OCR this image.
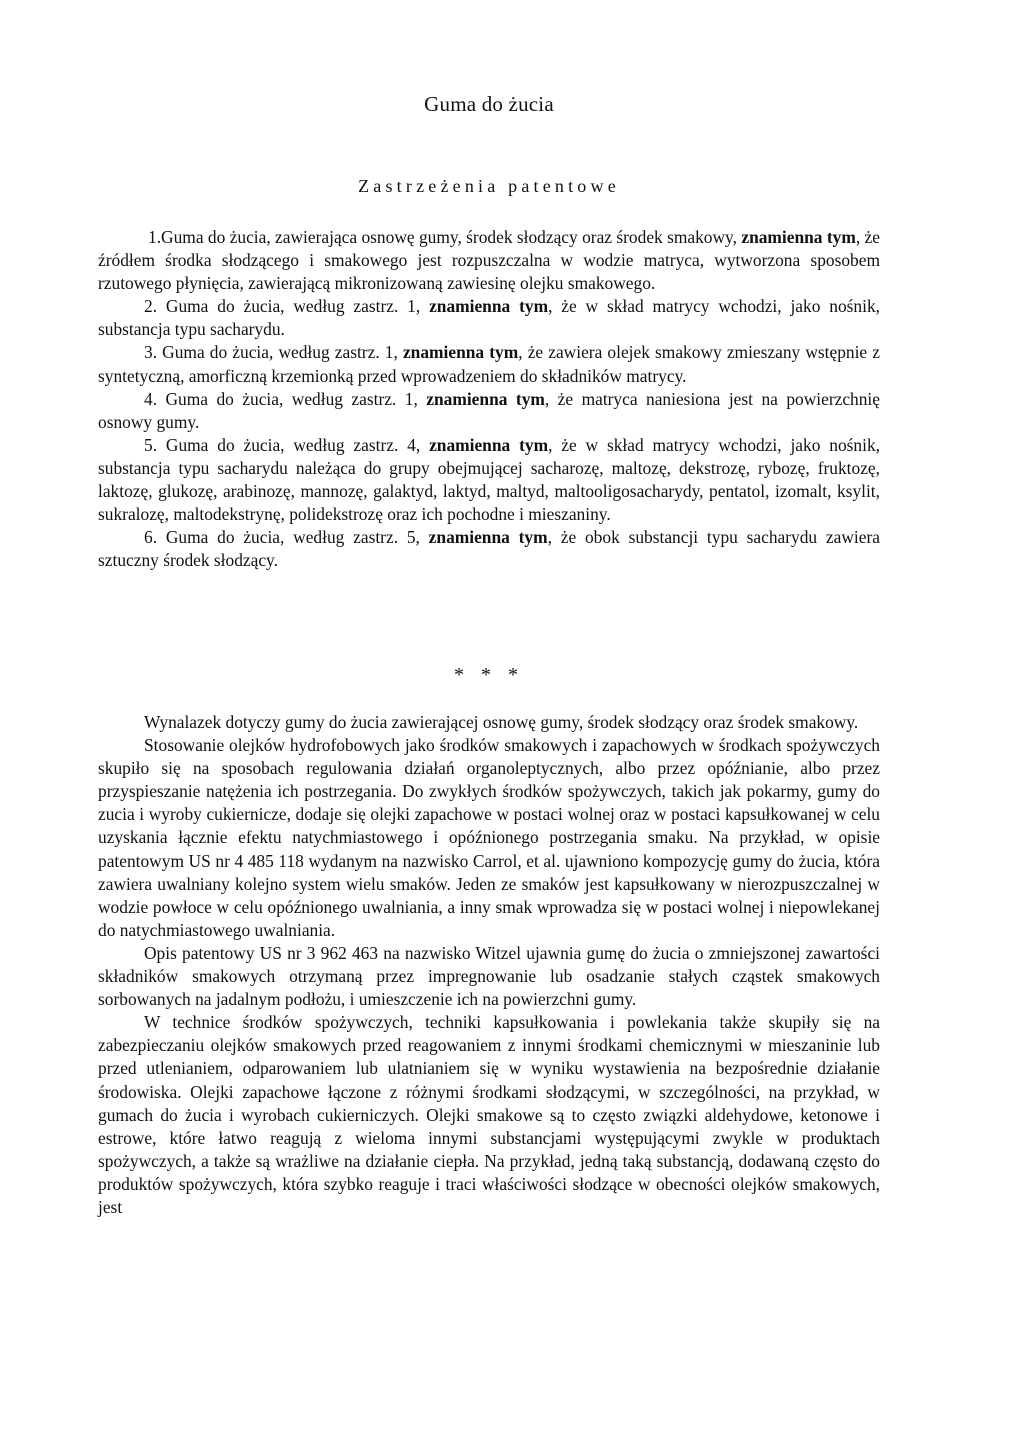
Guma do żucia
Zastrzeżenia patentowe

1.Guma do żucia, zawierająca osnowę gumy, środek słodzący oraz środek smakowy, znamienna tym, że źródłem środka słodzącego i smakowego jest rozpuszczalna w wodzie matryca, wytworzona sposobem rzutowego płynięcia, zawierającą mikronizowaną zawiesinę olejku smakowego.

2. Guma do żucia, według zastrz. 1, znamienna tym, że w skład matrycy wchodzi, jako nośnik, substancja typu sacharydu.

3. Guma do żucia, według zastrz. 1, znamienna tym, że zawiera olejek smakowy zmieszany wstępnie z syntetyczną, amorficzną krzemionką przed wprowadzeniem do składników matrycy.

4. Guma do żucia, według zastrz. 1, znamienna tym, że matryca naniesiona jest na powierzchnię osnowy gumy.

5. Guma do żucia, według zastrz. 4, znamienna tym, że w skład matrycy wchodzi, jako nośnik, substancja typu sacharydu należąca do grupy obejmującej sacharozę, maltozę, dekstrozę, rybozę, fruktozę, laktozę, glukozę, arabinozę, mannozę, galaktyd, laktyd, maltyd, maltooligosacharydy, pentatol, izomalt, ksylit, sukralozę, maltodekstrynę, polidekstrozę oraz ich pochodne i mieszaniny.

6. Guma do żucia, według zastrz. 5, znamienna tym, że obok substancji typu sacharydu zawiera sztuczny środek słodzący.

* * *

Wynalazek dotyczy gumy do żucia zawierającej osnowę gumy, środek słodzący oraz środek smakowy.

Stosowanie olejków hydrofobowych jako środków smakowych i zapachowych w środkach spożywczych skupiło się na sposobach regulowania działań organoleptycznych, albo przez opóźnianie, albo przez przyspieszanie natężenia ich postrzegania. Do zwykłych środków spożywczych, takich jak pokarmy, gumy do zucia i wyroby cukiernicze, dodaje się olejki zapachowe w postaci wolnej oraz w postaci kapsułkowanej w celu uzyskania łącznie efektu natychmiastowego i opóźnionego postrzegania smaku. Na przykład, w opisie patentowym US nr 4 485 118 wydanym na nazwisko Carrol, et al. ujawniono kompozycję gumy do żucia, która zawiera uwalniany kolejno system wielu smaków. Jeden ze smaków jest kapsułkowany w nierozpuszczalnej w wodzie powłoce w celu opóźnionego uwalniania, a inny smak wprowadza się w postaci wolnej i niepowlekanej do natychmiastowego uwalniania.

Opis patentowy US nr 3 962 463 na nazwisko Witzel ujawnia gumę do żucia o zmniejszonej zawartości składników smakowych otrzymaną przez impregnowanie lub osadzanie stałych cząstek smakowych sorbowanych na jadalnym podłożu, i umieszczenie ich na powierzchni gumy.

W technice środków spożywczych, techniki kapsułkowania i powlekania także skupiły się na zabezpieczaniu olejków smakowych przed reagowaniem z innymi środkami chemicznymi w mieszaninie lub przed utlenianiem, odparowaniem lub ulatnianiem się w wyniku wystawienia na bezpośrednie działanie środowiska. Olejki zapachowe łączone z różnymi środkami słodzącymi, w szczególności, na przykład, w gumach do żucia i wyrobach cukierniczych. Olejki smakowe są to często związki aldehydowe, ketonowe i estrowe, które łatwo reagują z wieloma innymi substancjami występującymi zwykle w produktach spożywczych, a także są wrażliwe na działanie ciepła. Na przykład, jedną taką substancją, dodawaną często do produktów spożywczych, która szybko reaguje i traci właściwości słodzące w obecności olejków smakowych, jest
